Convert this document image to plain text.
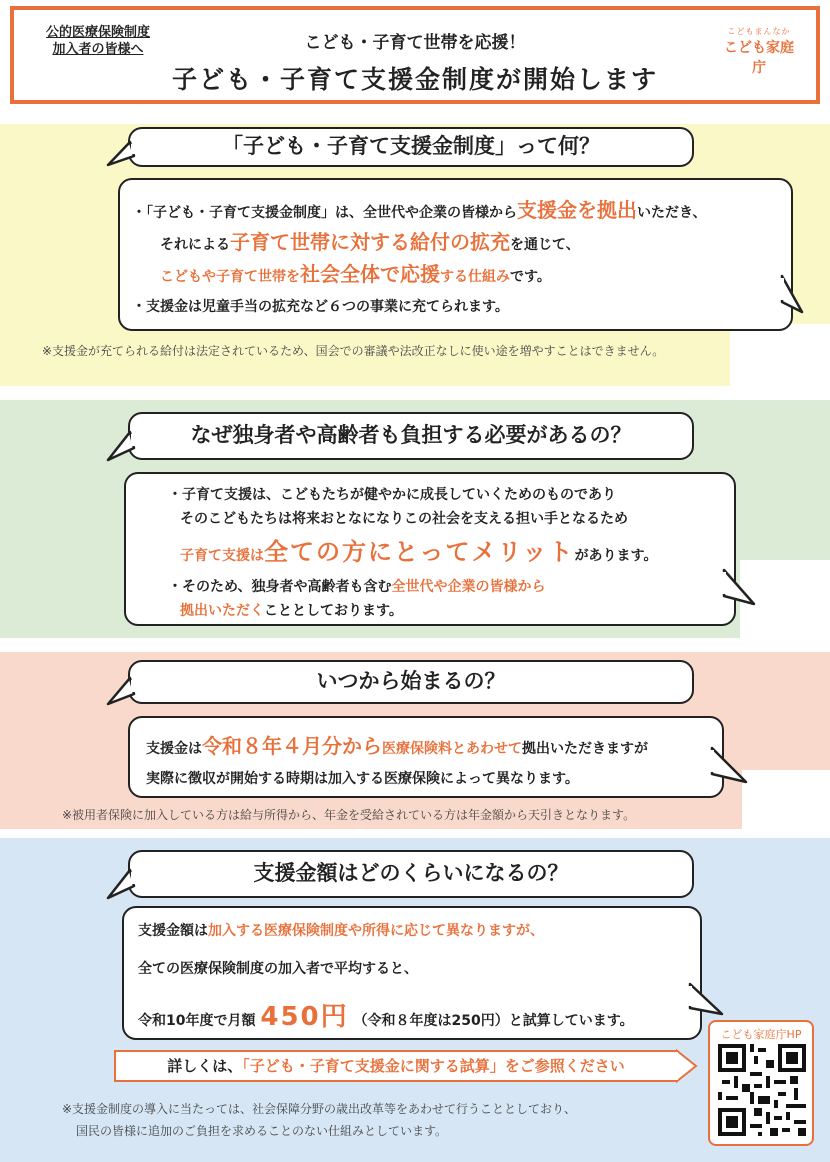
公的医療保険制度
加入者の皆様へ	こども・子育て世帯を応援！
子ども・子育て支援金制度が開始します
こどもまんなか
こども家庭庁
「子ども・子育て支援金制度」って何？
・「子ども・子育て支援金制度」は、全世代や企業の皆様から支援金を拠出いただき、
それによる子育て世帯に対する給付の拡充を通じて、
こどもや子育て世帯を社会全体で応援する仕組みです。
・支援金は児童手当の拡充など６つの事業に充てられます。
※支援金が充てられる給付は法定されているため、国会での審議や法改正なしに使い途を増やすことはできません。
なぜ独身者や高齢者も負担する必要があるの？
・子育て支援は、こどもたちが健やかに成長していくためのものであり
そのこどもたちは将来おとなになりこの社会を支える担い手となるため
子育て支援は全ての方にとってメリットがあります。
・そのため、独身者や高齢者も含む全世代や企業の皆様から
拠出いただくこととしております。
いつから始まるの？
支援金は令和８年４月分から医療保険料とあわせて拠出いただきますが
実際に徴収が開始する時期は加入する医療保険によって異なります。
※被用者保険に加入している方は給与所得から、年金を受給されている方は年金額から天引きとなります。
支援金額はどのくらいになるの？
支援金額は加入する医療保険制度や所得に応じて異なりますが、
全ての医療保険制度の加入者で平均すると、
令和10年度で月額 450円 （令和８年度は250円）と試算しています。
詳しくは、「子ども・子育て支援金に関する試算」をご参照ください
こども家庭庁HP
※支援金制度の導入に当たっては、社会保障分野の歳出改革等をあわせて行うこととしており、
国民の皆様に追加のご負担を求めることのない仕組みとしています。
